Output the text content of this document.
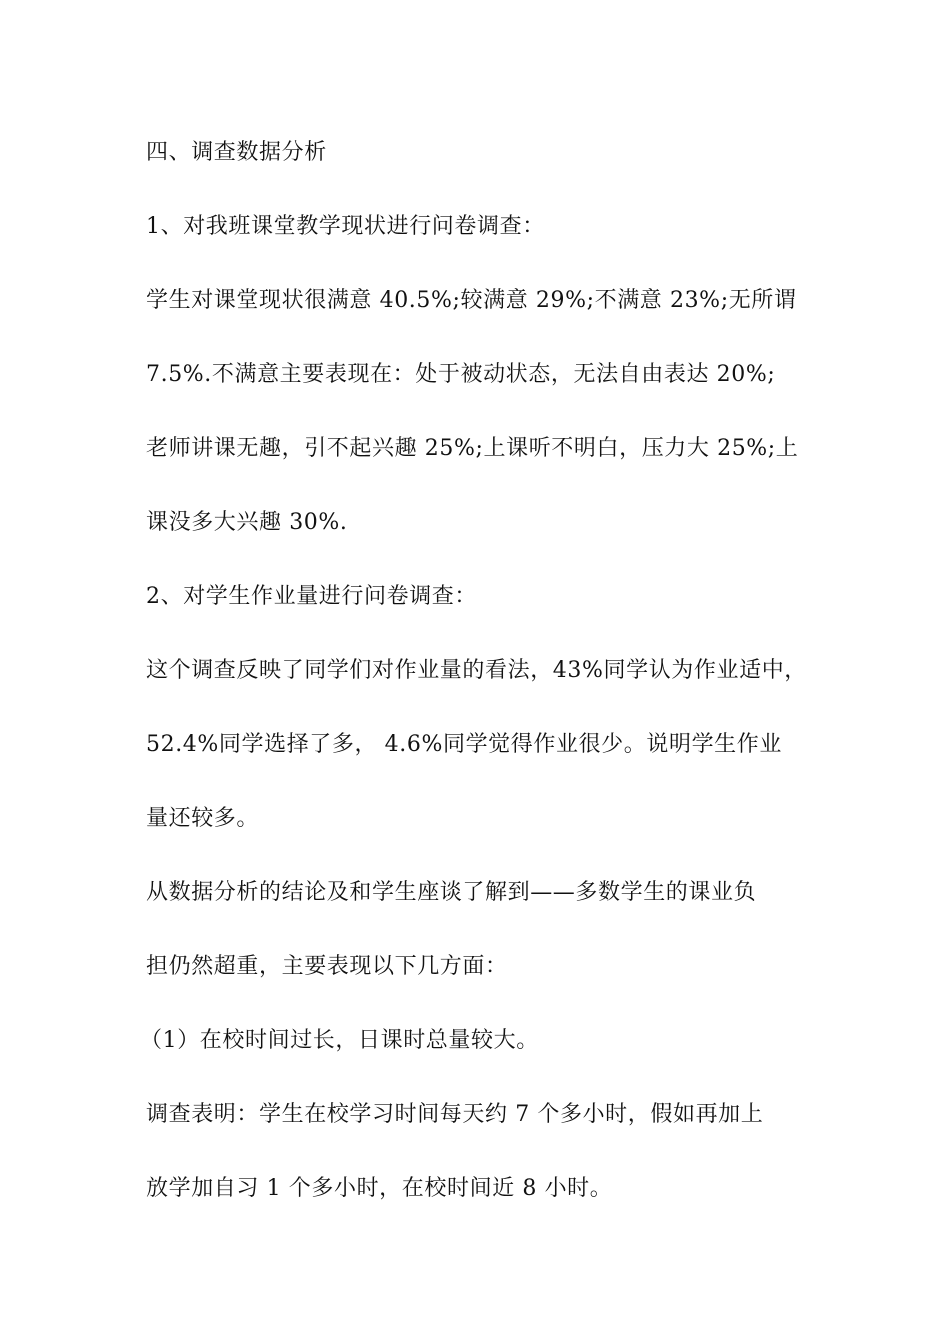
四、调查数据分析
1、对我班课堂教学现状进行问卷调查：
学生对课堂现状很满意 40.5%;较满意 29%;不满意 23%;无所谓
7.5%.不满意主要表现在：处于被动状态，无法自由表达 20%;
老师讲课无趣，引不起兴趣 25%;上课听不明白，压力大 25%;上
课没多大兴趣 30%.
2、对学生作业量进行问卷调查：
这个调查反映了同学们对作业量的看法，43%同学认为作业适中，
52.4%同学选择了多， 4.6%同学觉得作业很少。说明学生作业
量还较多。
从数据分析的结论及和学生座谈了解到——多数学生的课业负
担仍然超重，主要表现以下几方面：
（1）在校时间过长，日课时总量较大。
调查表明：学生在校学习时间每天约 7 个多小时，假如再加上
放学加自习 1 个多小时，在校时间近 8 小时。
